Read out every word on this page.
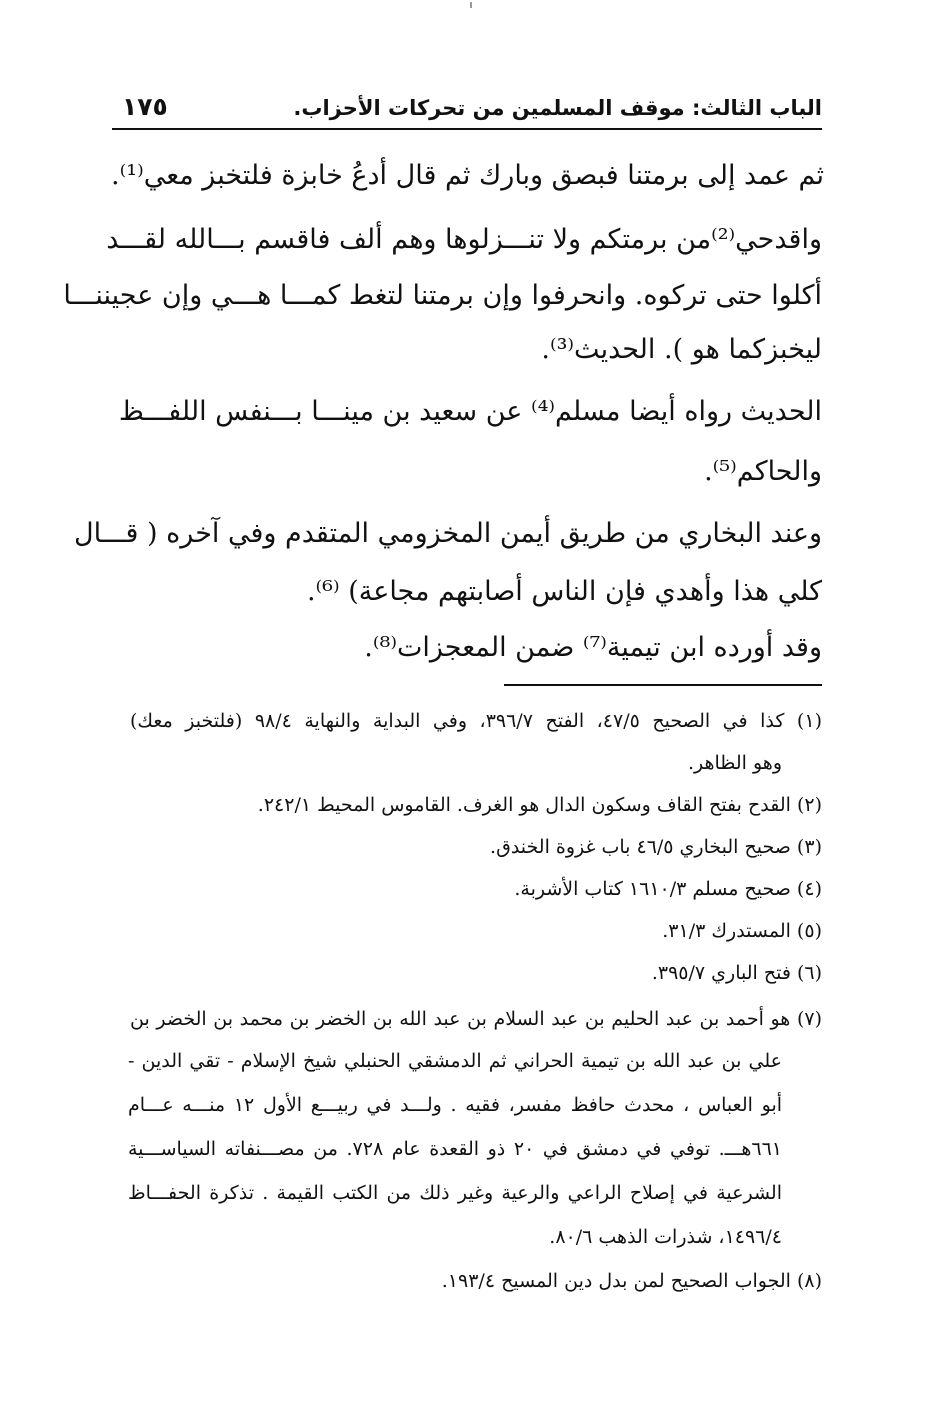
الباب الثالث: موقف المسلمين من تحركات الأحزاب.
١٧٥
ثم عمد إلى برمتنا فبصق وبارك ثم قال أدعُ خابزة فلتخبز معي⁽¹⁾.
واقدحي⁽²⁾من برمتكم ولا تنـــزلوها وهم ألف فاقسم بـــالله لقـــد
أكلوا حتى تركوه. وانحرفوا وإن برمتنا لتغط كمـــا هـــي وإن عجيننـــا
ليخبزكما هو ). الحديث⁽³⁾.
الحديث رواه أيضا مسلم⁽⁴⁾ عن سعيد بن مينـــا بـــنفس اللفـــظ
والحاكم⁽⁵⁾.
وعند البخاري من طريق أيمن المخزومي المتقدم وفي آخره ( قـــال
كلي هذا وأهدي فإن الناس أصابتهم مجاعة) ⁽⁶⁾.
وقد أورده ابن تيمية⁽⁷⁾ ضمن المعجزات⁽⁸⁾.
(١) كذا في الصحيح ٤٧/٥، الفتح ٣٩٦/٧، وفي البداية والنهاية ٩٨/٤ (فلتخبز معك)
وهو الظاهر.
(٢) القدح بفتح القاف وسكون الدال هو الغرف. القاموس المحيط ٢٤٢/١.
(٣) صحيح البخاري ٤٦/٥ باب غزوة الخندق.
(٤) صحيح مسلم ١٦١٠/٣ كتاب الأشربة.
(٥) المستدرك ٣١/٣.
(٦) فتح الباري ٣٩٥/٧.
(٧) هو أحمد بن عبد الحليم بن عبد السلام بن عبد الله بن الخضر بن محمد بن الخضر بن
علي بن عبد الله بن تيمية الحراني ثم الدمشقي الحنبلي شيخ الإسلام - تقي الدين -
أبو العباس ، محدث حافظ مفسر، فقيه . ولـــد في ربيـــع الأول ١٢ منـــه عـــام
٦٦١هـــ. توفي في دمشق في ٢٠ ذو القعدة عام ٧٢٨. من مصـــنفاته السياســـية
الشرعية في إصلاح الراعي والرعية وغير ذلك من الكتب القيمة . تذكرة الحفـــاظ
١٤٩٦/٤، شذرات الذهب ٨٠/٦.
(٨) الجواب الصحيح لمن بدل دين المسيح ١٩٣/٤.
